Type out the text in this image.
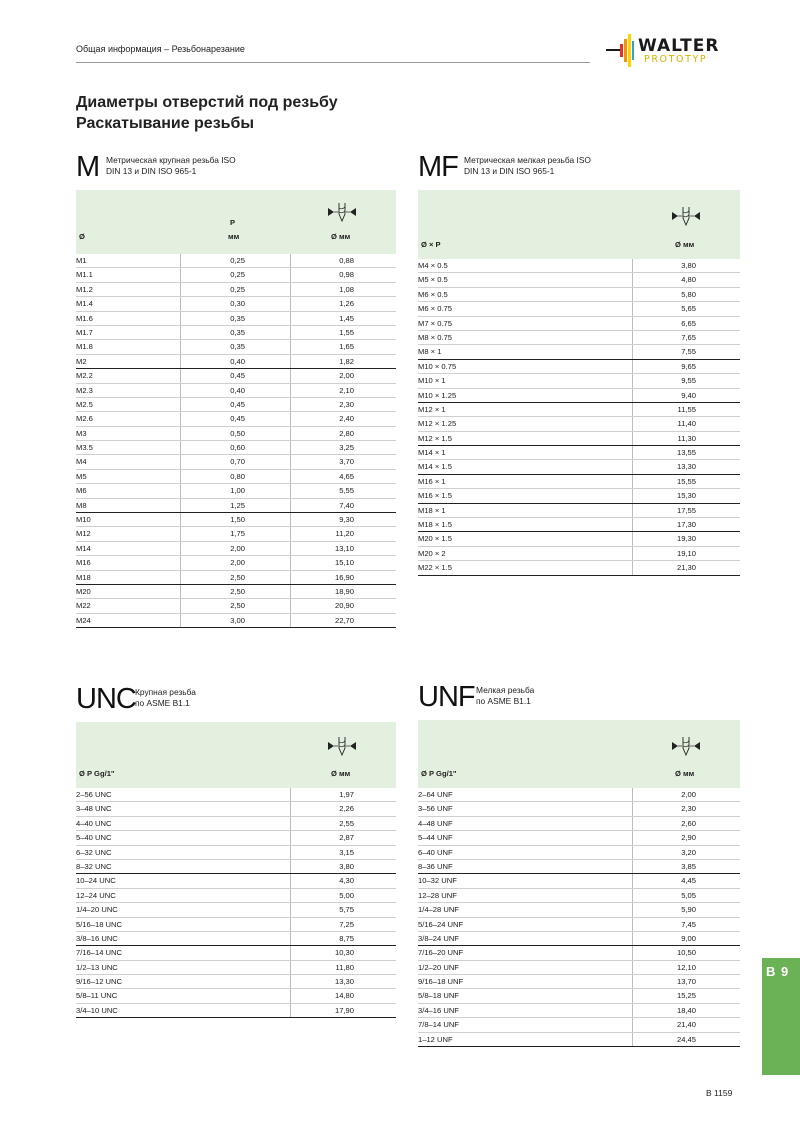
Общая информация – Резьбонарезание	WALTER
PROTOTYP
Диаметры отверстий под резьбу
Раскатывание резьбы
M Метрическая крупная резьба ISO
DIN 13 и DIN ISO 965-1
Ø
P
мм	Ø мм
M1	0,25	0,88
M1.1	0,25	0,98
M1.2	0,25	1,08
M1.4	0,30	1,26
M1.6	0,35	1,45
M1.7	0,35	1,55
M1.8	0,35	1,65
M2	0,40	1,82
M2.2	0,45	2,00
M2.3	0,40	2,10
M2.5	0,45	2,30
M2.6	0,45	2,40
M3	0,50	2,80
M3.5	0,60	3,25
M4	0,70	3,70
M5	0,80	4,65
M6	1,00	5,55
M8	1,25	7,40
M10	1,50	9,30
M12	1,75	11,20
M14	2,00	13,10
M16	2,00	15,10
M18	2,50	16,90
M20	2,50	18,90
M22	2,50	20,90
M24	3,00	22,70
MF Метрическая мелкая резьба ISO
DIN 13 и DIN ISO 965-1
Ø × P	Ø мм
M4 × 0.5	3,80
M5 × 0.5	4,80
M6 × 0.5	5,80
M6 × 0.75	5,65
M7 × 0.75	6,65
M8 × 0.75	7,65
M8 × 1	7,55
M10 × 0.75	9,65
M10 × 1	9,55
M10 × 1.25	9,40
M12 × 1	11,55
M12 × 1.25	11,40
M12 × 1.5	11,30
M14 × 1	13,55
M14 × 1.5	13,30
M16 × 1	15,55
M16 × 1.5	15,30
M18 × 1	17,55
M18 × 1.5	17,30
M20 × 1.5	19,30
M20 × 2	19,10
M22 × 1.5	21,30
UNC Крупная резьба
по ASME B1.1
Ø P Gg/1"	Ø мм
2–56 UNC	1,97
3–48 UNC	2,26
4–40 UNC	2,55
5–40 UNC	2,87
6–32 UNC	3,15
8–32 UNC	3,80
10–24 UNC	4,30
12–24 UNC	5,00
1/4–20 UNC	5,75
5/16–18 UNC	7,25
3/8–16 UNC	8,75
7/16–14 UNC	10,30
1/2–13 UNC	11,80
9/16–12 UNC	13,30
5/8–11 UNC	14,80
3/4–10 UNC	17,90
UNF Мелкая резьба
по ASME B1.1
Ø P Gg/1"	Ø мм
2–64 UNF	2,00
3–56 UNF	2,30
4–48 UNF	2,60
5–44 UNF	2,90
6–40 UNF	3,20
8–36 UNF	3,85
10–32 UNF	4,45
12–28 UNF	5,05
1/4–28 UNF	5,90
5/16–24 UNF	7,45
3/8–24 UNF	9,00
7/16–20 UNF	10,50
1/2–20 UNF	12,10
9/16–18 UNF	13,70
5/8–18 UNF	15,25
3/4–16 UNF	18,40
7/8–14 UNF	21,40
1–12 UNF	24,45
B 9
B 1159
